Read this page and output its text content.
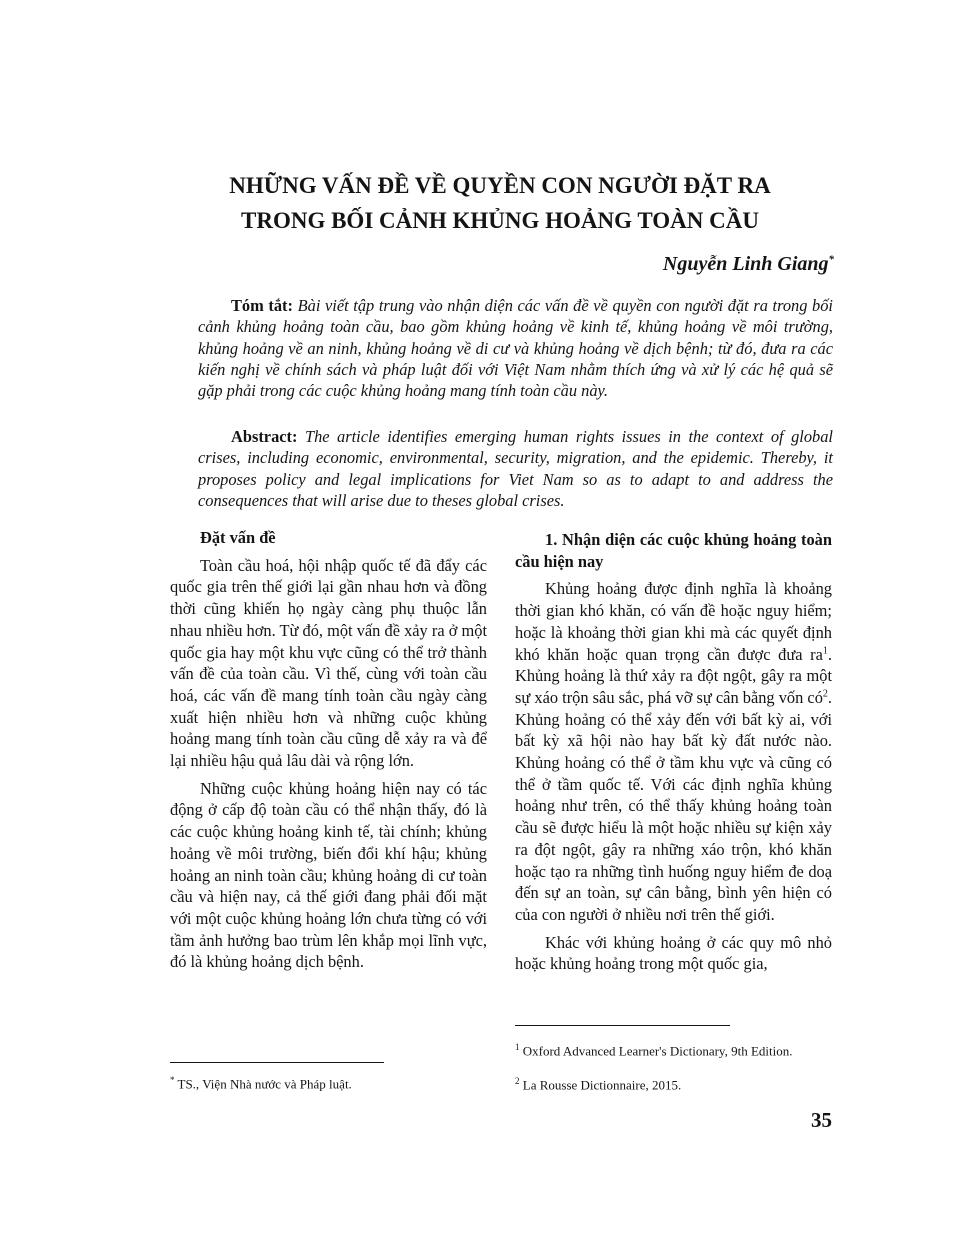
NHỮNG VẤN ĐỀ VỀ QUYỀN CON NGƯỜI ĐẶT RA
TRONG BỐI CẢNH KHỦNG HOẢNG TOÀN CẦU
Nguyễn Linh Giang*
Tóm tắt: Bài viết tập trung vào nhận diện các vấn đề về quyền con người đặt ra trong bối cảnh khủng hoảng toàn cầu, bao gồm khủng hoảng về kinh tế, khủng hoảng về môi trường, khủng hoảng về an ninh, khủng hoảng về di cư và khủng hoảng về dịch bệnh; từ đó, đưa ra các kiến nghị về chính sách và pháp luật đối với Việt Nam nhằm thích ứng và xử lý các hệ quả sẽ gặp phải trong các cuộc khủng hoảng mang tính toàn cầu này.
Abstract: The article identifies emerging human rights issues in the context of global crises, including economic, environmental, security, migration, and the epidemic. Thereby, it proposes policy and legal implications for Viet Nam so as to adapt to and address the consequences that will arise due to theses global crises.

Đặt vấn đề

Toàn cầu hoá, hội nhập quốc tế đã đẩy các quốc gia trên thế giới lại gần nhau hơn và đồng thời cũng khiến họ ngày càng phụ thuộc lẫn nhau nhiều hơn. Từ đó, một vấn đề xảy ra ở một quốc gia hay một khu vực cũng có thể trở thành vấn đề của toàn cầu. Vì thế, cùng với toàn cầu hoá, các vấn đề mang tính toàn cầu ngày càng xuất hiện nhiều hơn và những cuộc khủng hoảng mang tính toàn cầu cũng dễ xảy ra và để lại nhiều hậu quả lâu dài và rộng lớn.

Những cuộc khủng hoảng hiện nay có tác động ở cấp độ toàn cầu có thể nhận thấy, đó là các cuộc khủng hoảng kinh tế, tài chính; khủng hoảng về môi trường, biến đổi khí hậu; khủng hoảng an ninh toàn cầu; khủng hoảng di cư toàn cầu và hiện nay, cả thế giới đang phải đối mặt với một cuộc khủng hoảng lớn chưa từng có với tầm ảnh hưởng bao trùm lên khắp mọi lĩnh vực, đó là khủng hoảng dịch bệnh.

1. Nhận diện các cuộc khủng hoảng toàn cầu hiện nay

Khủng hoảng được định nghĩa là khoảng thời gian khó khăn, có vấn đề hoặc nguy hiểm; hoặc là khoảng thời gian khi mà các quyết định khó khăn hoặc quan trọng cần được đưa $ra^1$. Khủng hoảng là thứ xảy ra đột ngột, gây ra một sự xáo trộn sâu sắc, phá vỡ sự cân bằng vốn $có^2$. Khủng hoảng có thể xảy đến với bất kỳ ai, với bất kỳ xã hội nào hay bất kỳ đất nước nào. Khủng hoảng có thể ở tầm khu vực và cũng có thể ở tầm quốc tế. Với các định nghĩa khủng hoảng như trên, có thể thấy khủng hoảng toàn cầu sẽ được hiểu là một hoặc nhiều sự kiện xảy ra đột ngột, gây ra những xáo trộn, khó khăn hoặc tạo ra những tình huống nguy hiểm đe doạ đến sự an toàn, sự cân bằng, bình yên hiện có của con người ở nhiều nơi trên thế giới.

Khác với khủng hoảng ở các quy mô nhỏ hoặc khủng hoảng trong một quốc gia,

* TS., Viện Nhà nước và Pháp luật.
$^1$ Oxford Advanced Learner's Dictionary, 9th Edition.
$^2$ La Rousse Dictionnaire, 2015.
35
